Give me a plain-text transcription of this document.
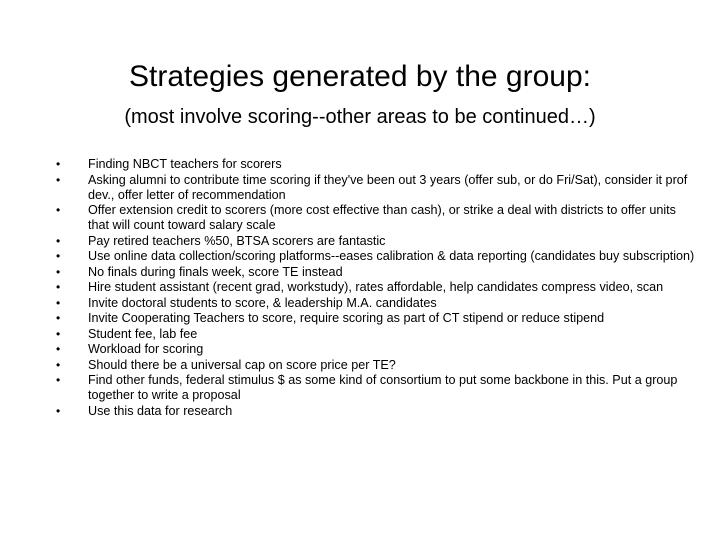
Strategies generated by the group:
(most involve scoring--other areas to be continued…)
•	Finding NBCT teachers for scorers
•	Asking alumni to contribute time scoring if they've been out 3 years (offer sub, or do Fri/Sat), consider it prof dev., offer letter of recommendation
•	Offer extension credit to scorers (more cost effective than cash), or strike a deal with districts to offer units that will count toward salary scale
•	Pay retired teachers %50, BTSA scorers are fantastic
•	Use online data collection/scoring platforms--eases calibration & data reporting (candidates buy subscription)
•	No finals during finals week, score TE instead
•	Hire student assistant (recent grad, workstudy), rates affordable, help candidates compress video, scan
•	Invite doctoral students to score, & leadership M.A. candidates
•	Invite Cooperating Teachers to score, require scoring as part of CT stipend or reduce stipend
•	Student fee, lab fee
•	Workload for scoring
•	Should there be a universal cap on score price per TE?
•	Find other funds, federal stimulus $ as some kind of consortium to put some backbone in this. Put a group together to write a proposal
•	Use this data for research
